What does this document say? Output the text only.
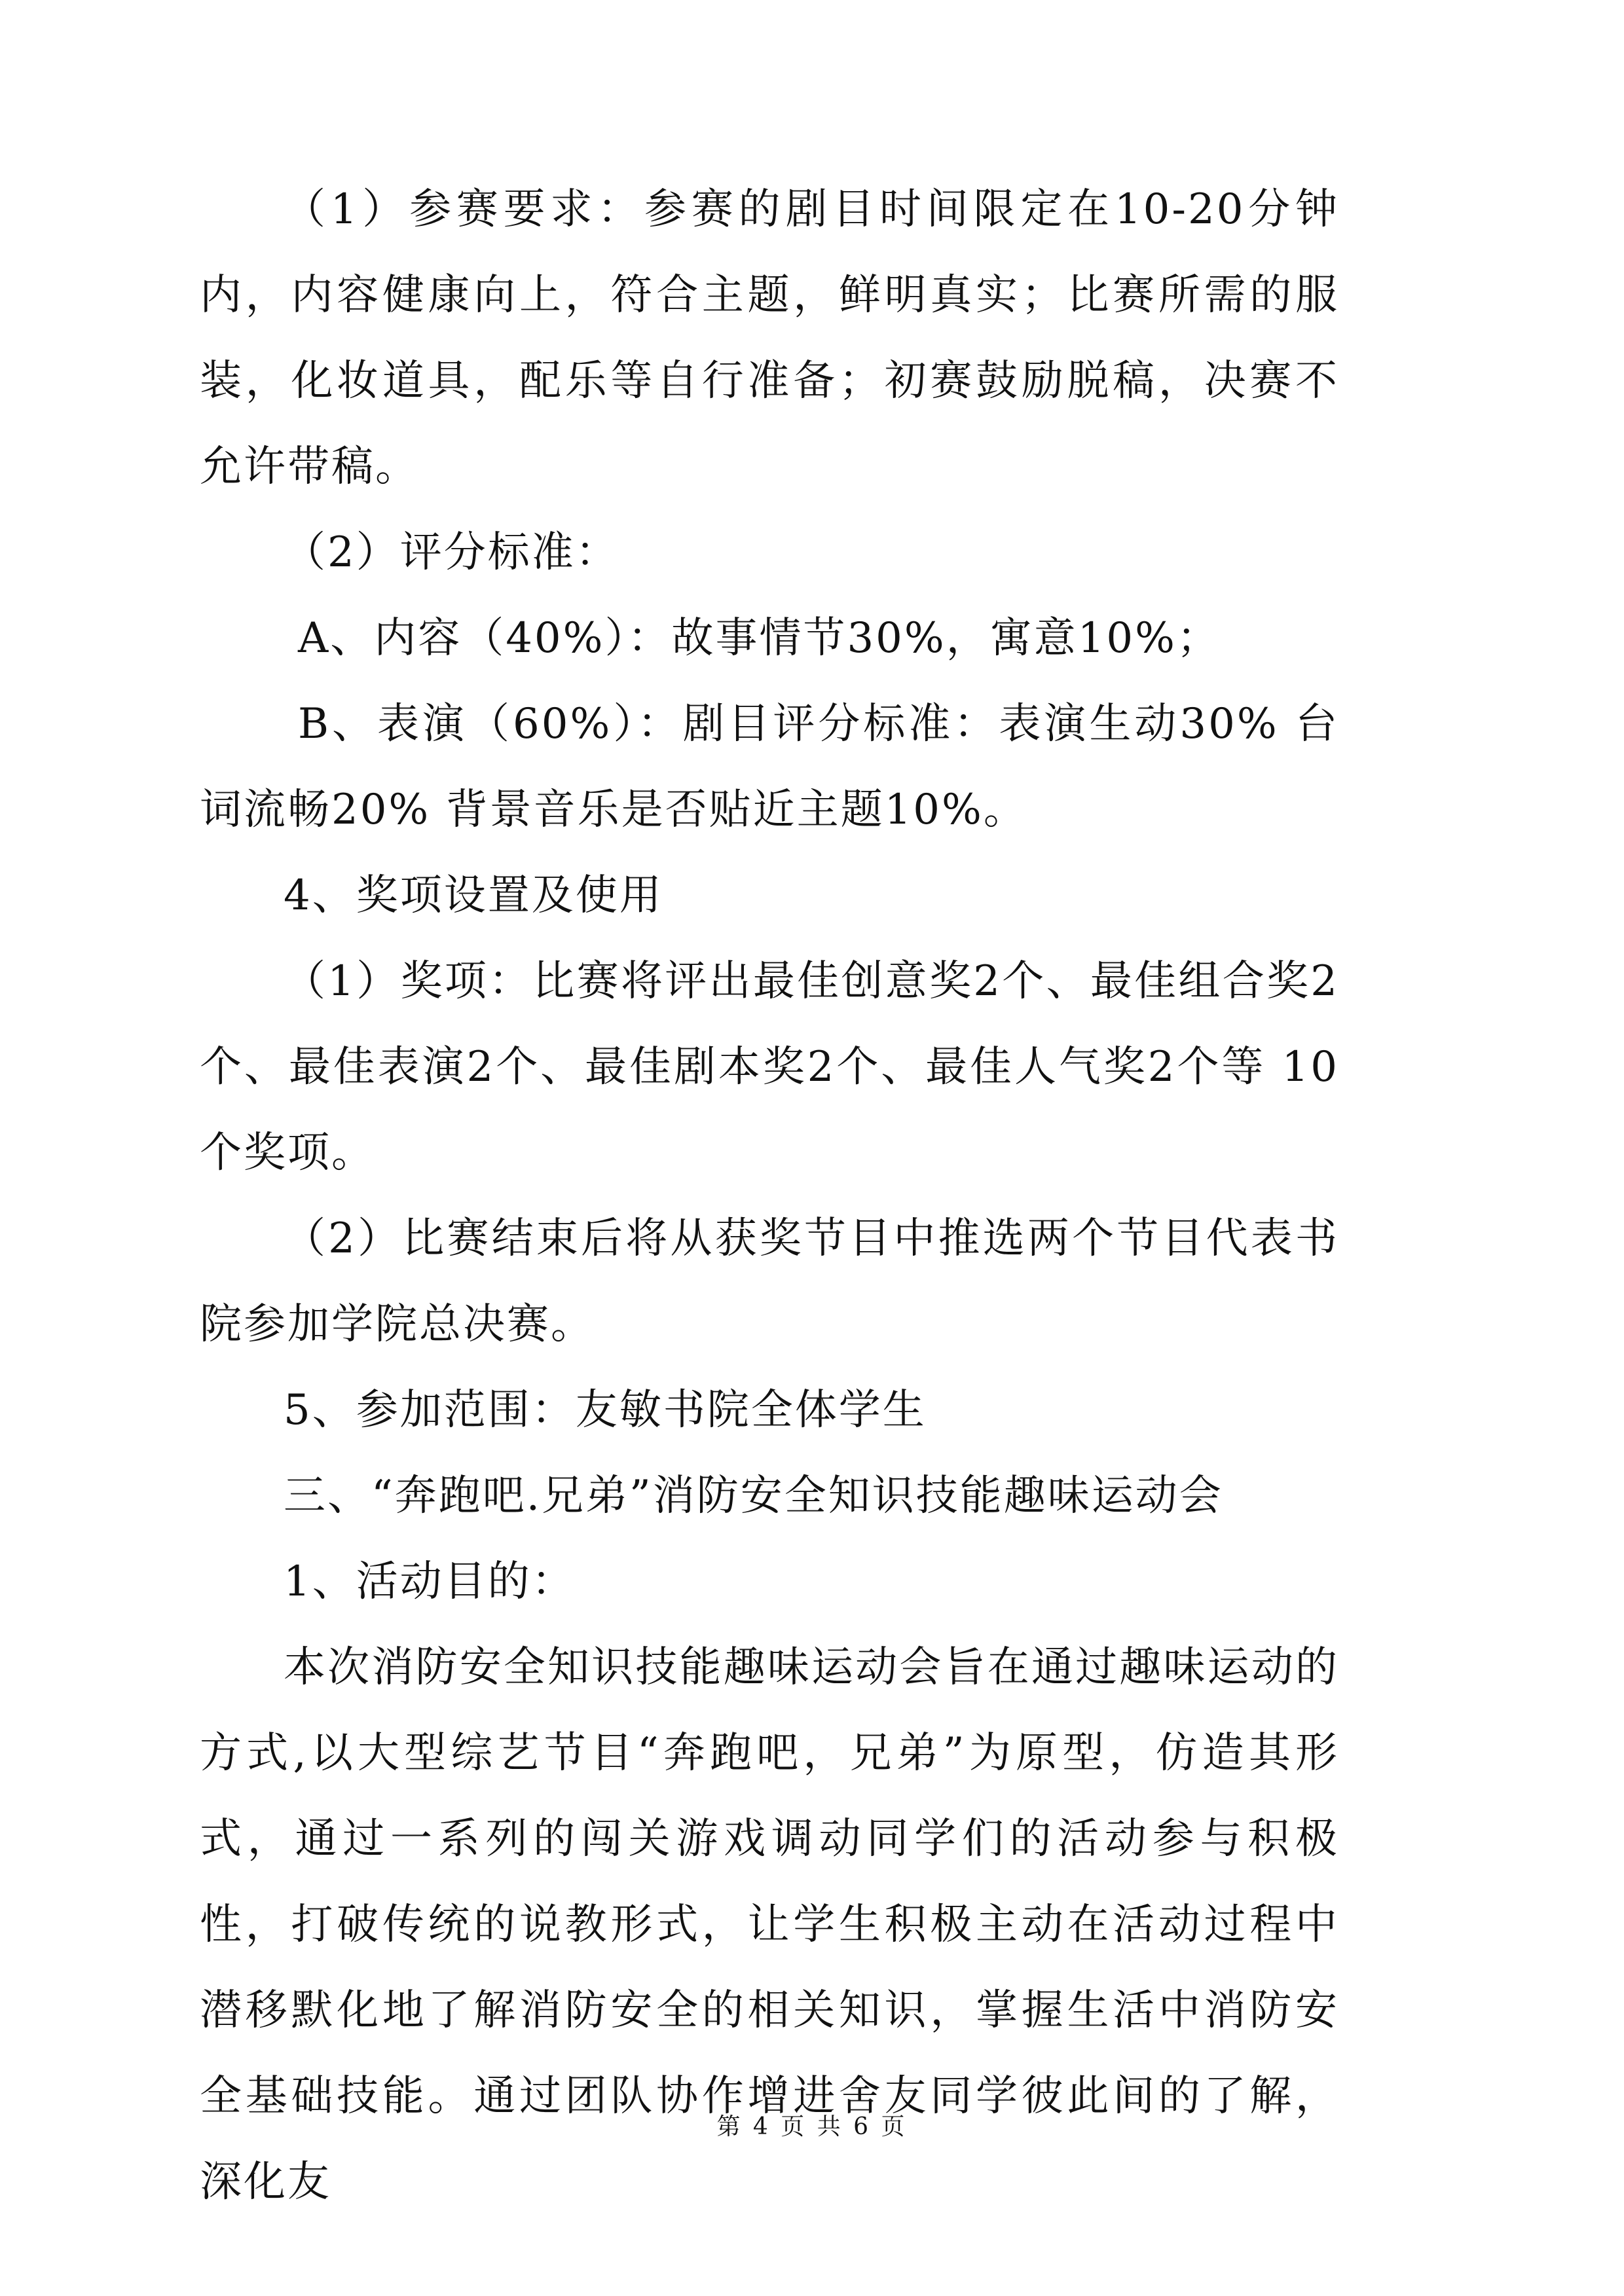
（1）参赛要求：参赛的剧目时间限定在10-20分钟内，内容健康向上，符合主题，鲜明真实；比赛所需的服装，化妆道具，配乐等自行准备；初赛鼓励脱稿，决赛不允许带稿。

（2）评分标准：

A、内容（40%）：故事情节30%，寓意10%；

B、表演（60%）：剧目评分标准：表演生动30% 台词流畅20% 背景音乐是否贴近主题10%。

4、奖项设置及使用

（1）奖项：比赛将评出最佳创意奖2个、最佳组合奖2个、最佳表演2个、最佳剧本奖2个、最佳人气奖2个等 10个奖项。

（2）比赛结束后将从获奖节目中推选两个节目代表书院参加学院总决赛。

5、参加范围：友敏书院全体学生

三、“奔跑吧.兄弟”消防安全知识技能趣味运动会

1、活动目的：

本次消防安全知识技能趣味运动会旨在通过趣味运动的方式,以大型综艺节目“奔跑吧，兄弟”为原型，仿造其形式，通过一系列的闯关游戏调动同学们的活动参与积极性，打破传统的说教形式，让学生积极主动在活动过程中潜移默化地了解消防安全的相关知识，掌握生活中消防安全基础技能。通过团队协作增进舍友同学彼此间的了解，深化友

第 4 页 共 6 页
